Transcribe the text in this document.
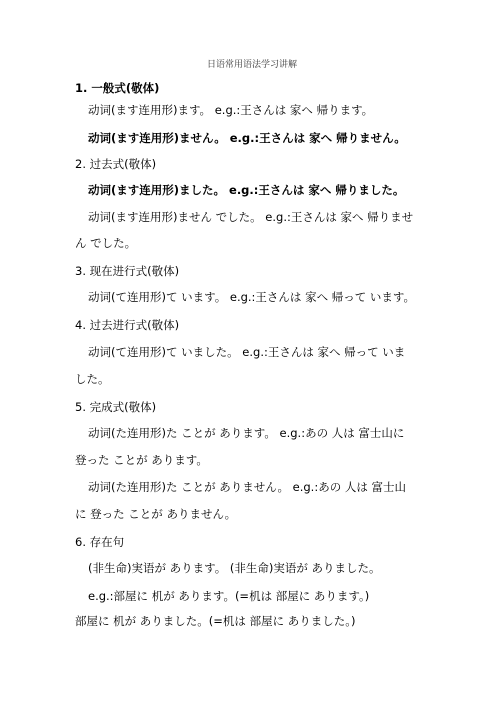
日语常用语法学习讲解
1. 一般式(敬体)
动词(ます连用形)ます。 e.g.:王さんは 家へ 帰ります。
动词(ます连用形)ません。 e.g.:王さんは 家へ 帰りません。
2. 过去式(敬体)
动词(ます连用形)ました。 e.g.:王さんは 家へ 帰りました。
动词(ます连用形)ません でした。 e.g.:王さんは 家へ 帰りませ
ん でした。
3. 现在进行式(敬体)
动词(て连用形)て います。 e.g.:王さんは 家へ 帰って います。
4. 过去进行式(敬体)
动词(て连用形)て いました。 e.g.:王さんは 家へ 帰って いま
した。
5. 完成式(敬体)
动词(た连用形)た ことが あります。 e.g.:あの 人は 富士山に
登った ことが あります。
动词(た连用形)た ことが ありません。 e.g.:あの 人は 富士山
に 登った ことが ありません。
6. 存在句
(非生命)実语が あります。 (非生命)実语が ありました。
e.g.:部屋に 机が あります。(=机は 部屋に あります。)
部屋に 机が ありました。(=机は 部屋に ありました。)
